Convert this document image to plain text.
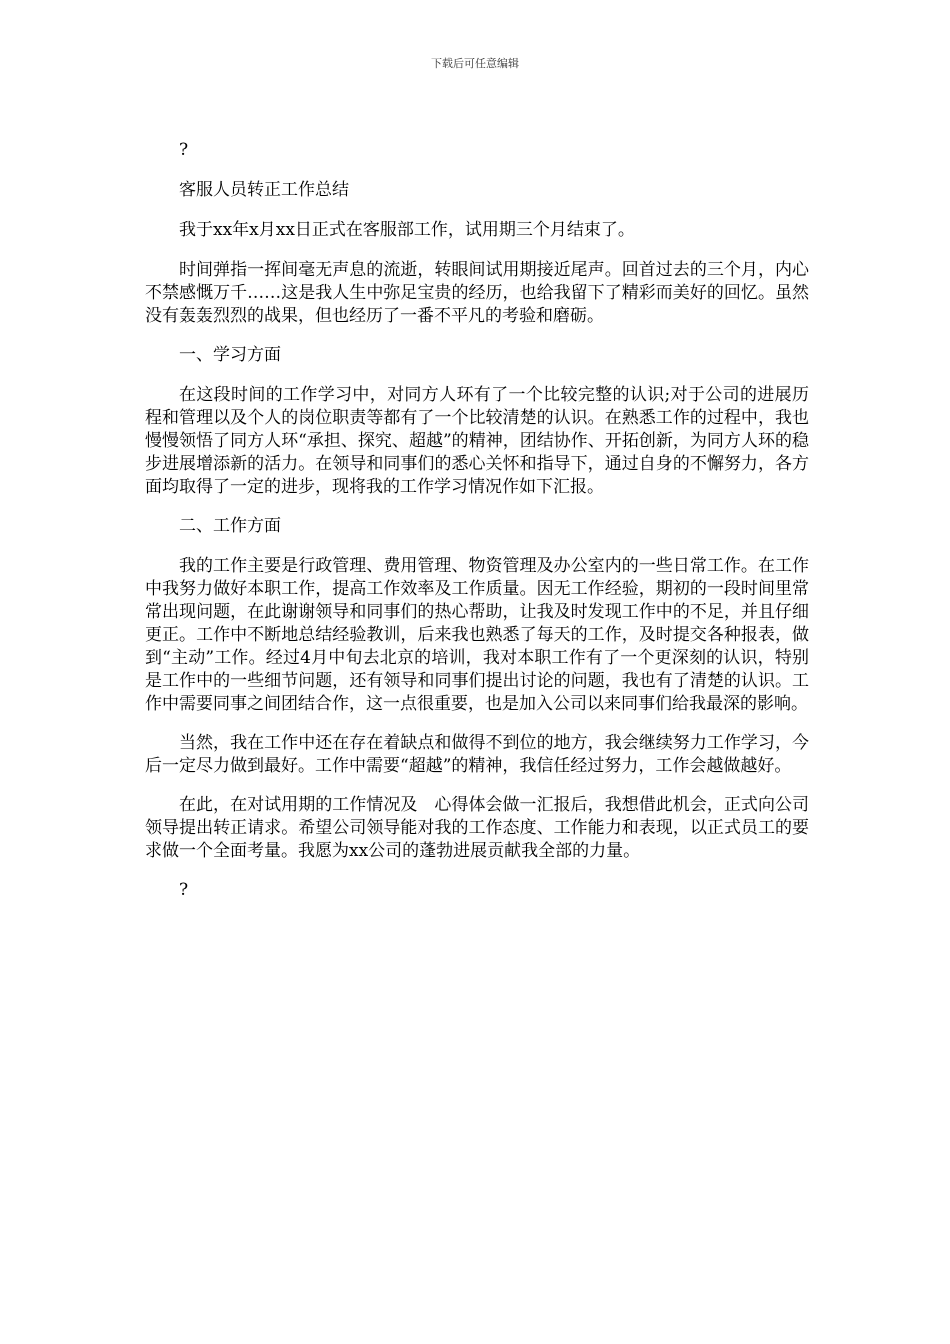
下载后可任意编辑

?

客服人员转正工作总结

我于xx年x月xx日正式在客服部工作，试用期三个月结束了。

时间弹指一挥间毫无声息的流逝，转眼间试用期接近尾声。回首过去的三个月，内心不禁感慨万千……这是我人生中弥足宝贵的经历，也给我留下了精彩而美好的回忆。虽然没有轰轰烈烈的战果，但也经历了一番不平凡的考验和磨砺。

一、学习方面

在这段时间的工作学习中，对同方人环有了一个比较完整的认识;对于公司的进展历程和管理以及个人的岗位职责等都有了一个比较清楚的认识。在熟悉工作的过程中，我也慢慢领悟了同方人环“承担、探究、超越”的精神，团结协作、开拓创新，为同方人环的稳步进展增添新的活力。在领导和同事们的悉心关怀和指导下，通过自身的不懈努力，各方面均取得了一定的进步，现将我的工作学习情况作如下汇报。

二、工作方面

我的工作主要是行政管理、费用管理、物资管理及办公室内的一些日常工作。在工作中我努力做好本职工作，提高工作效率及工作质量。因无工作经验，期初的一段时间里常常出现问题，在此谢谢领导和同事们的热心帮助，让我及时发现工作中的不足，并且仔细更正。工作中不断地总结经验教训，后来我也熟悉了每天的工作，及时提交各种报表，做到“主动”工作。经过4月中旬去北京的培训，我对本职工作有了一个更深刻的认识，特别是工作中的一些细节问题，还有领导和同事们提出讨论的问题，我也有了清楚的认识。工作中需要同事之间团结合作，这一点很重要，也是加入公司以来同事们给我最深的影响。

当然，我在工作中还在存在着缺点和做得不到位的地方，我会继续努力工作学习，今后一定尽力做到最好。工作中需要“超越”的精神，我信任经过努力，工作会越做越好。

在此，在对试用期的工作情况及　心得体会做一汇报后，我想借此机会，正式向公司领导提出转正请求。希望公司领导能对我的工作态度、工作能力和表现，以正式员工的要求做一个全面考量。我愿为xx公司的蓬勃进展贡献我全部的力量。

?
